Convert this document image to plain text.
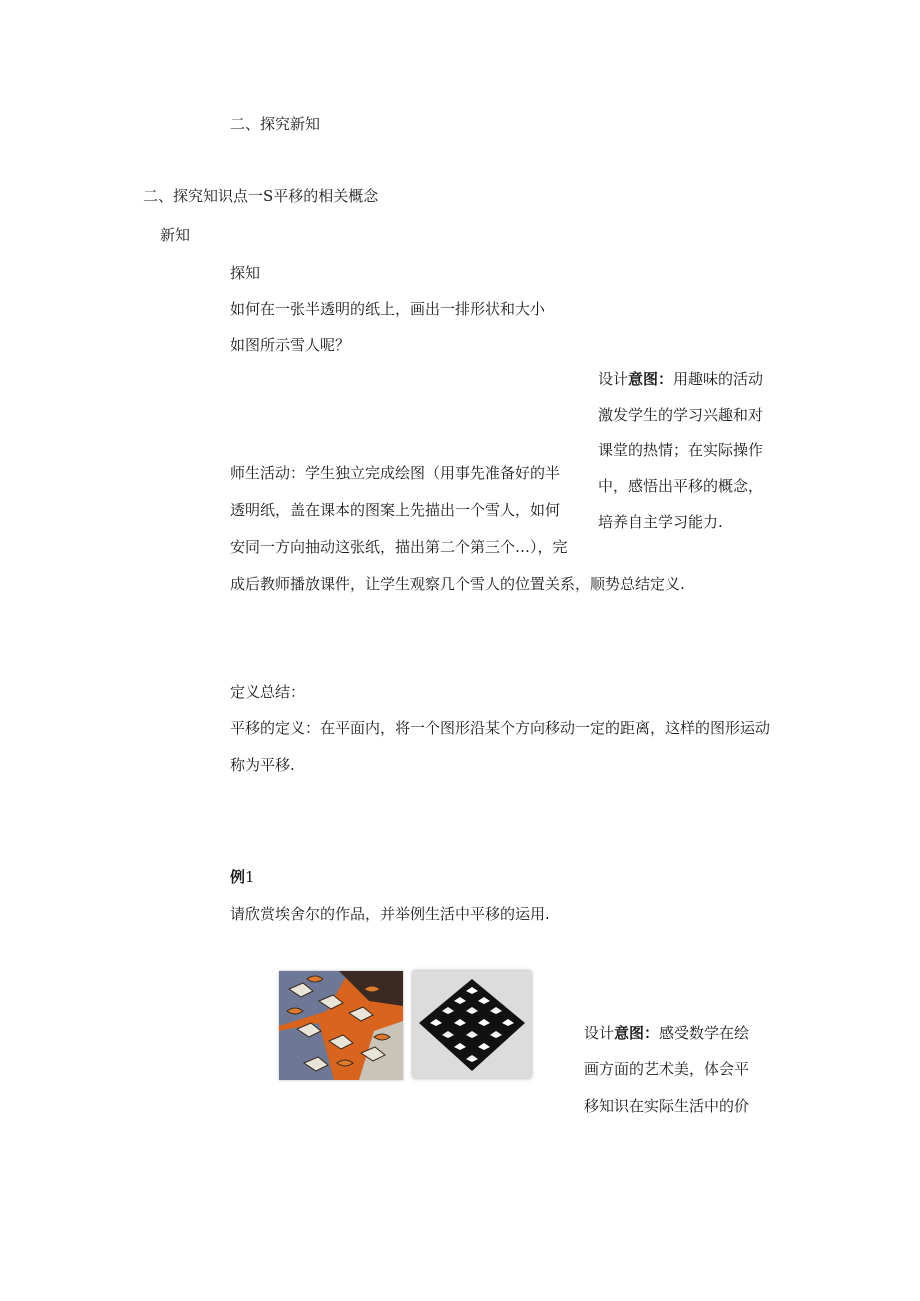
二、探究新知
二、探究知识点一S平移的相关概念
新知
探知
如何在一张半透明的纸上，画出一排形状和大小
如图所示雪人呢？
设计意图：用趣味的活动
激发学生的学习兴趣和对
课堂的热情；在实际操作
中，感悟出平移的概念，
培养自主学习能力.
师生活动：学生独立完成绘图（用事先准备好的半
透明纸，盖在课本的图案上先描出一个雪人，如何
安同一方向抽动这张纸，描出第二个第三个…），完
成后教师播放课件，让学生观察几个雪人的位置关系，顺势总结定义.
定义总结：
平移的定义：在平面内，将一个图形沿某个方向移动一定的距离，这样的图形运动
称为平移.
例1
请欣赏埃舍尔的作品，并举例生活中平移的运用.
设计意图：感受数学在绘
画方面的艺术美，体会平
移知识在实际生活中的价
